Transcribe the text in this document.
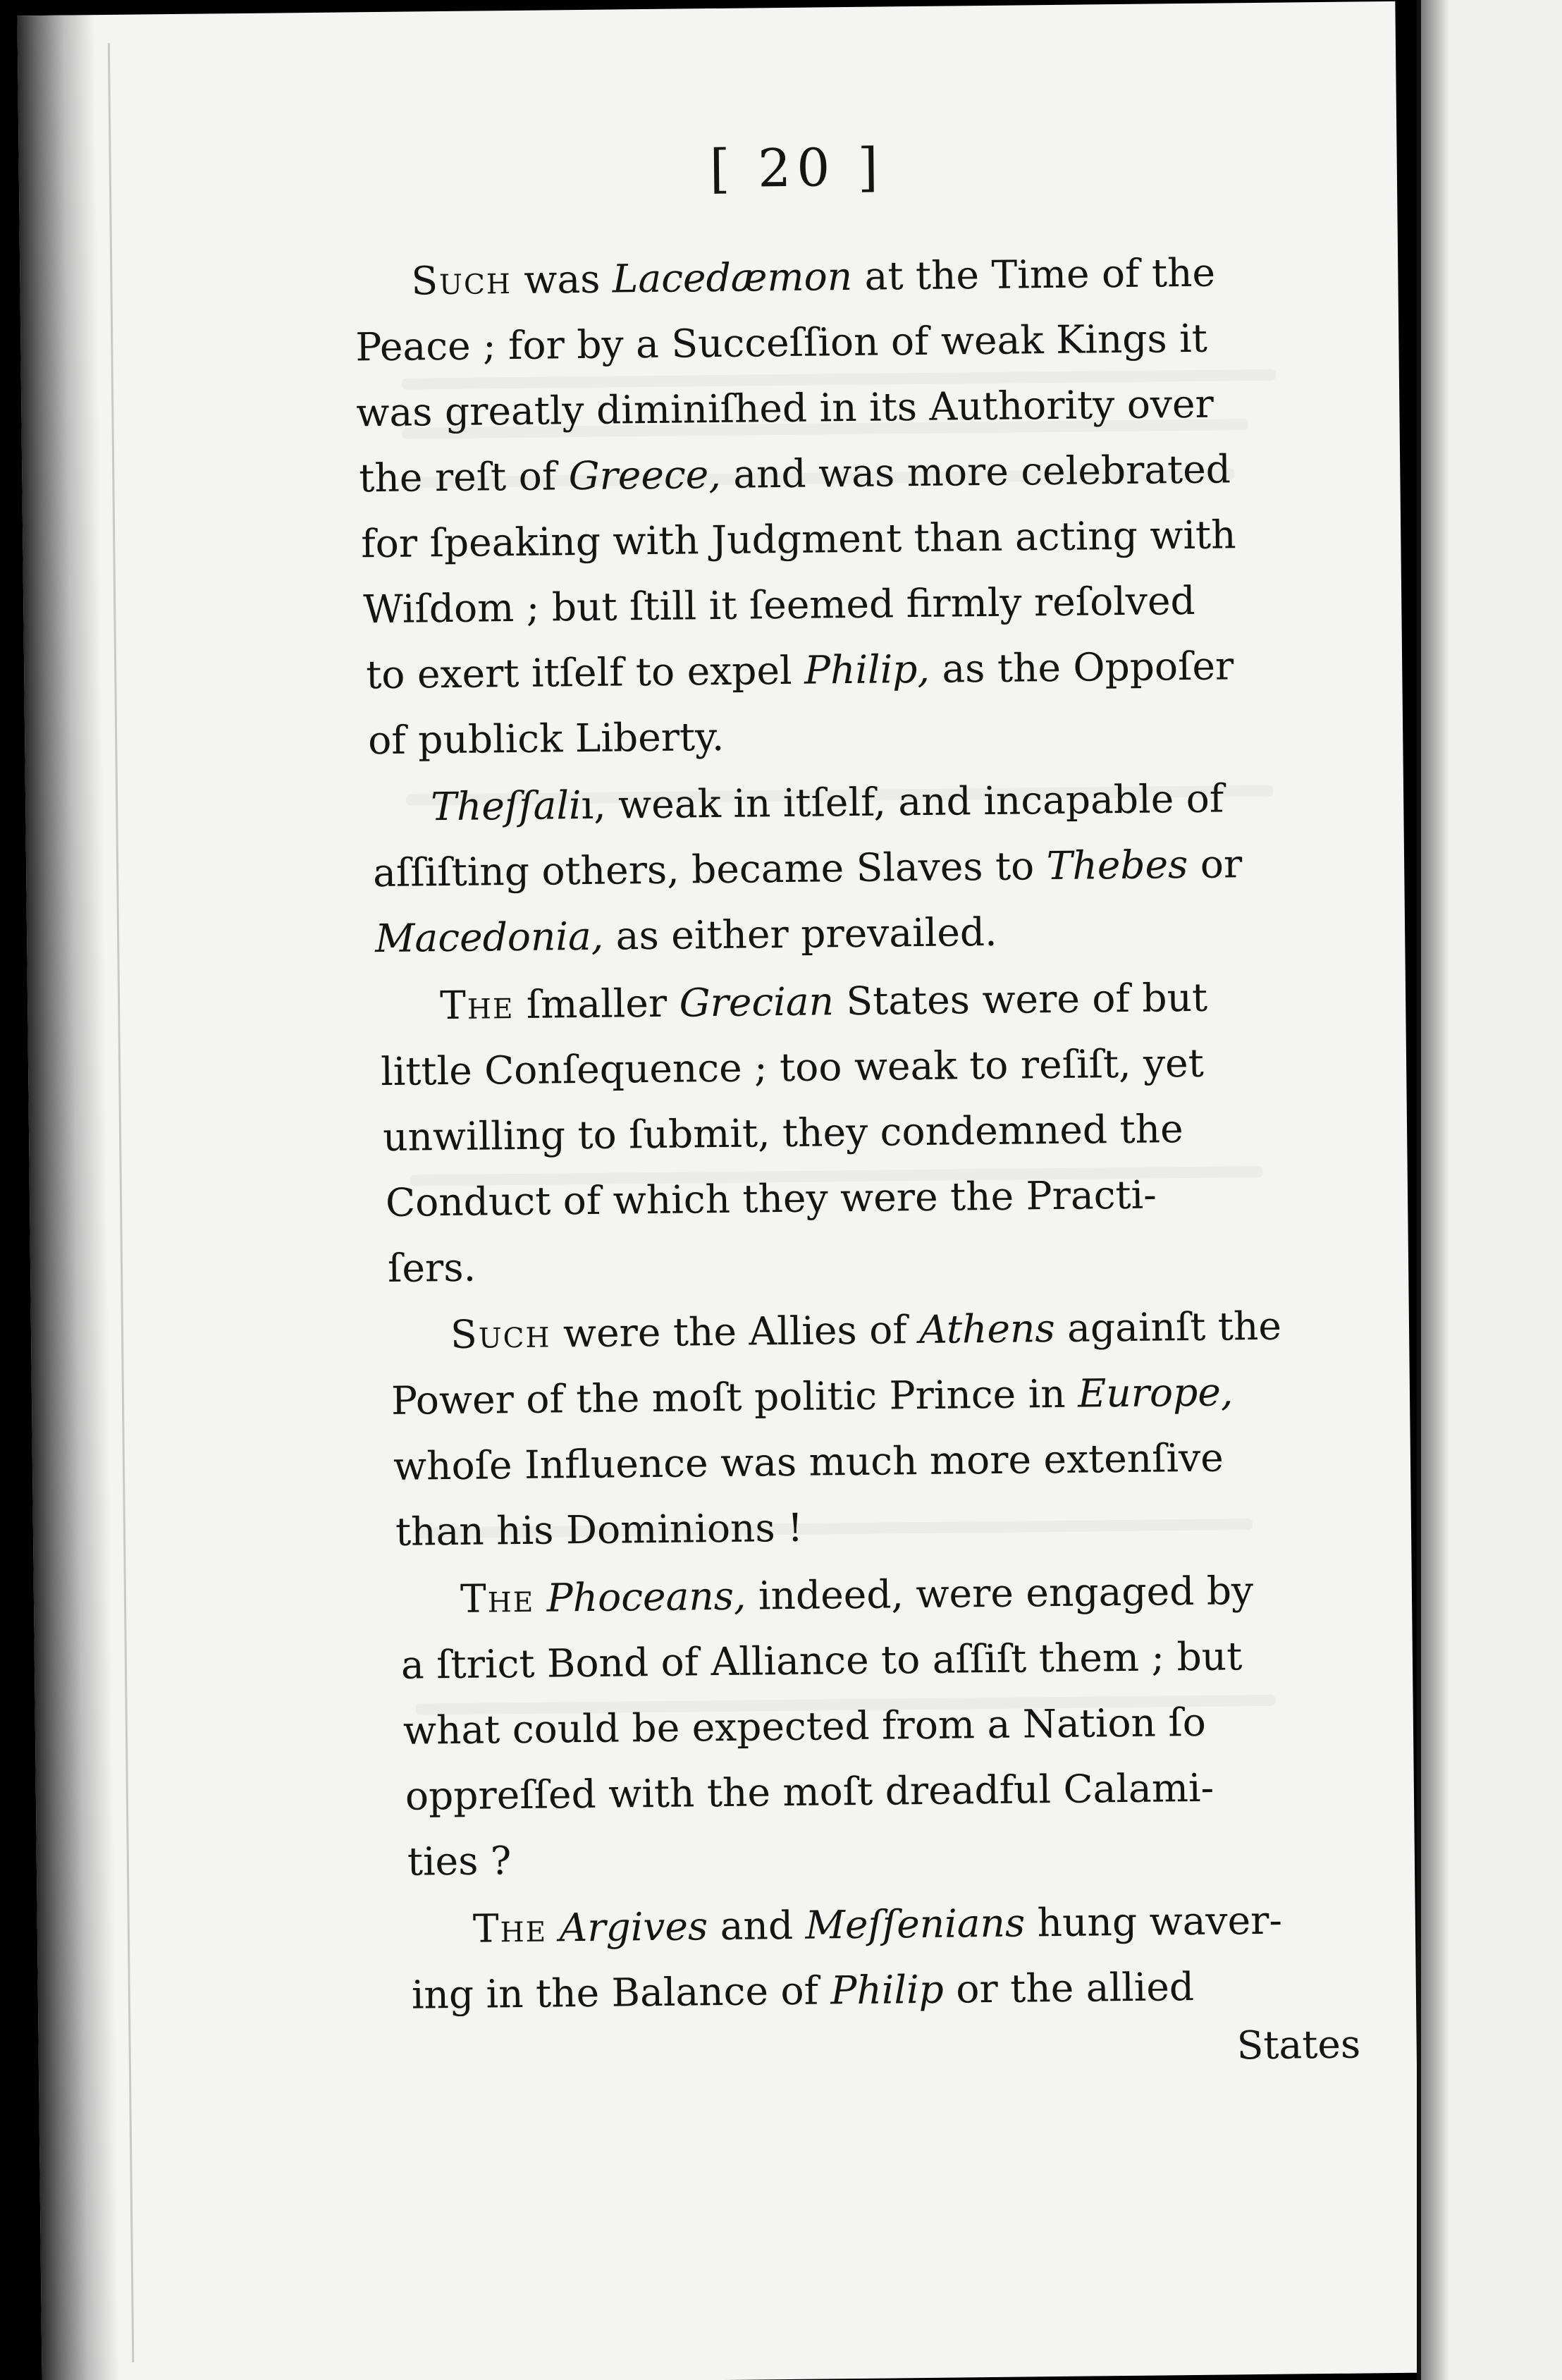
[ 20 ]
Such was Lacedæmon at the Time of the
Peace ; for by a Succeſſion of weak Kings it
was greatly diminiſhed in its Authority over
the reſt of Greece, and was more celebrated
for ſpeaking with Judgment than acting with
Wiſdom ; but ſtill it ſeemed firmly reſolved
to exert itſelf to expel Philip, as the Oppoſer
of publick Liberty.
Theſſaliı, weak in itſelf, and incapable of
aſſiſting others, became Slaves to Thebes or
Macedonia, as either prevailed.
The ſmaller Grecian States were of but
little Conſequence ; too weak to reſiſt, yet
unwilling to ſubmit, they condemned the
Conduct of which they were the Practi-
ſers.
Such were the Allies of Athens againſt the
Power of the moſt politic Prince in Europe,
whoſe Influence was much more extenſive
than his Dominions !
The Phoceans, indeed, were engaged by
a ſtrict Bond of Alliance to aſſiſt them ; but
what could be expected from a Nation ſo
oppreſſed with the moſt dreadful Calami-
ties ?
The Argives and Meſſenians hung waver-
ing in the Balance of Philip or the allied
States
